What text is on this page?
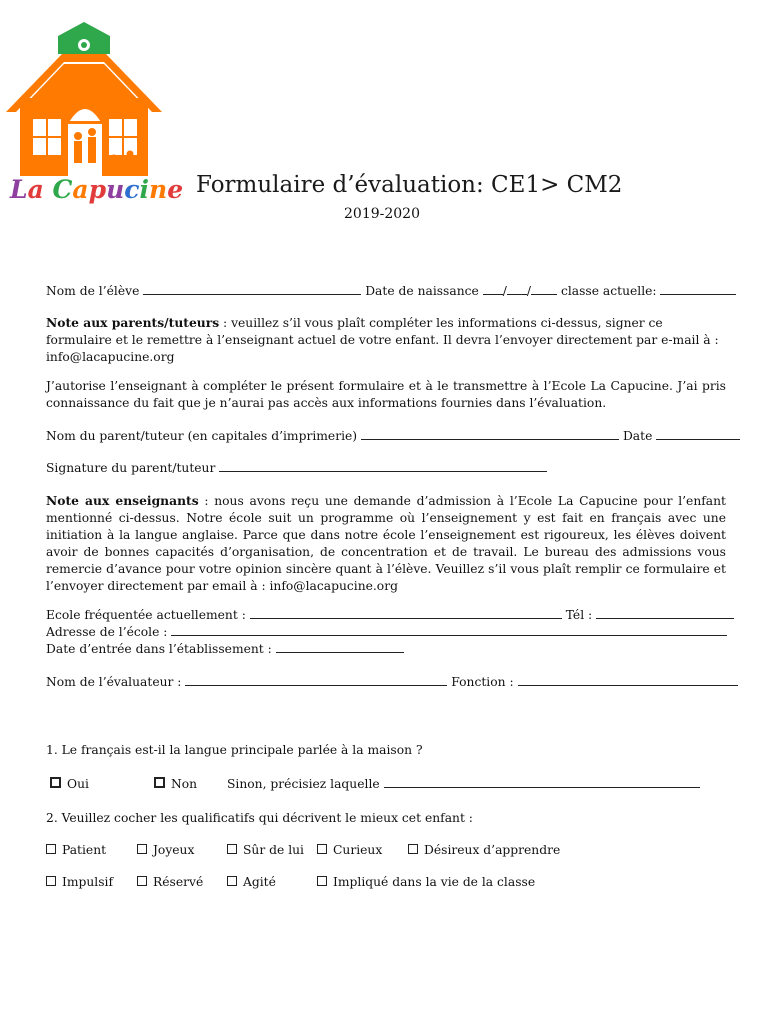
La Capucine Formulaire d’évaluation: CE1> CM2
2019-2020
Nom de l’élève	Date de naissance / / classe actuelle:
Note aux parents/tuteurs : veuillez s’il vous plaît compléter les informations ci-dessus, signer ce formulaire et le remettre à l’enseignant actuel de votre enfant. Il devra l’envoyer directement par e-mail à : info@lacapucine.org
J’autorise l’enseignant à compléter le présent formulaire et à le transmettre à l’Ecole La Capucine. J’ai pris connaissance du fait que je n’aurai pas accès aux informations fournies dans l’évaluation.
Nom du parent/tuteur (en capitales d’imprimerie)	Date
Signature du parent/tuteur
Note aux enseignants : nous avons reçu une demande d’admission à l’Ecole La Capucine pour l’enfant mentionné ci-dessus. Notre école suit un programme où l’enseignement y est fait en français avec une initiation à la langue anglaise. Parce que dans notre école l’enseignement est rigoureux, les élèves doivent avoir de bonnes capacités d’organisation, de concentration et de travail. Le bureau des admissions vous remercie d’avance pour votre opinion sincère quant à l’élève. Veuillez s’il vous plaît remplir ce formulaire et l’envoyer directement par email à : info@lacapucine.org
Ecole fréquentée actuellement :	Tél :
Adresse de l’école :
Date d’entrée dans l’établissement :
Nom de l’évaluateur :	Fonction :
1. Le français est-il la langue principale parlée à la maison ?
Oui	Non Sinon, précisiez laquelle
2. Veuillez cocher les qualificatifs qui décrivent le mieux cet enfant :
Patient	Joyeux	Sûr de lui	Curieux	Désireux d’apprendre
Impulsif	Réservé	Agité	Impliqué dans la vie de la classe
